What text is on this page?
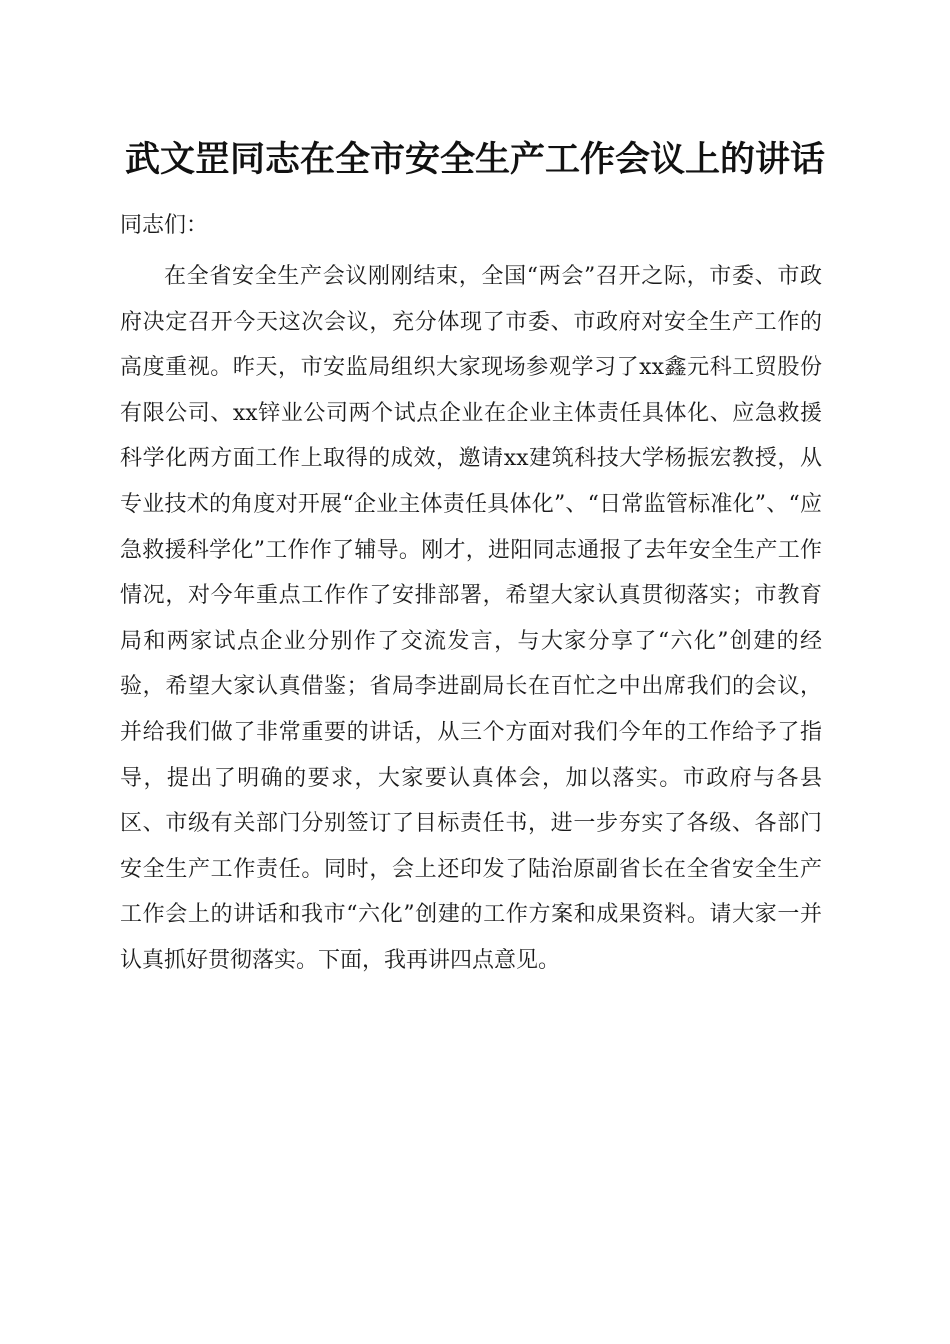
武文罡同志在全市安全生产工作会议上的讲话
同志们：

在全省安全生产会议刚刚结束，全国“两会”召开之际，市委、市政府决定召开今天这次会议，充分体现了市委、市政府对安全生产工作的高度重视。昨天，市安监局组织大家现场参观学习了xx鑫元科工贸股份有限公司、xx锌业公司两个试点企业在企业主体责任具体化、应急救援科学化两方面工作上取得的成效，邀请xx建筑科技大学杨振宏教授，从专业技术的角度对开展“企业主体责任具体化”、“日常监管标准化”、“应急救援科学化”工作作了辅导。刚才，进阳同志通报了去年安全生产工作情况，对今年重点工作作了安排部署，希望大家认真贯彻落实；市教育局和两家试点企业分别作了交流发言，与大家分享了“六化”创建的经验，希望大家认真借鉴；省局李进副局长在百忙之中出席我们的会议，并给我们做了非常重要的讲话，从三个方面对我们今年的工作给予了指导，提出了明确的要求，大家要认真体会，加以落实。市政府与各县区、市级有关部门分别签订了目标责任书，进一步夯实了各级、各部门安全生产工作责任。同时，会上还印发了陆治原副省长在全省安全生产工作会上的讲话和我市“六化”创建的工作方案和成果资料。请大家一并认真抓好贯彻落实。下面，我再讲四点意见。
